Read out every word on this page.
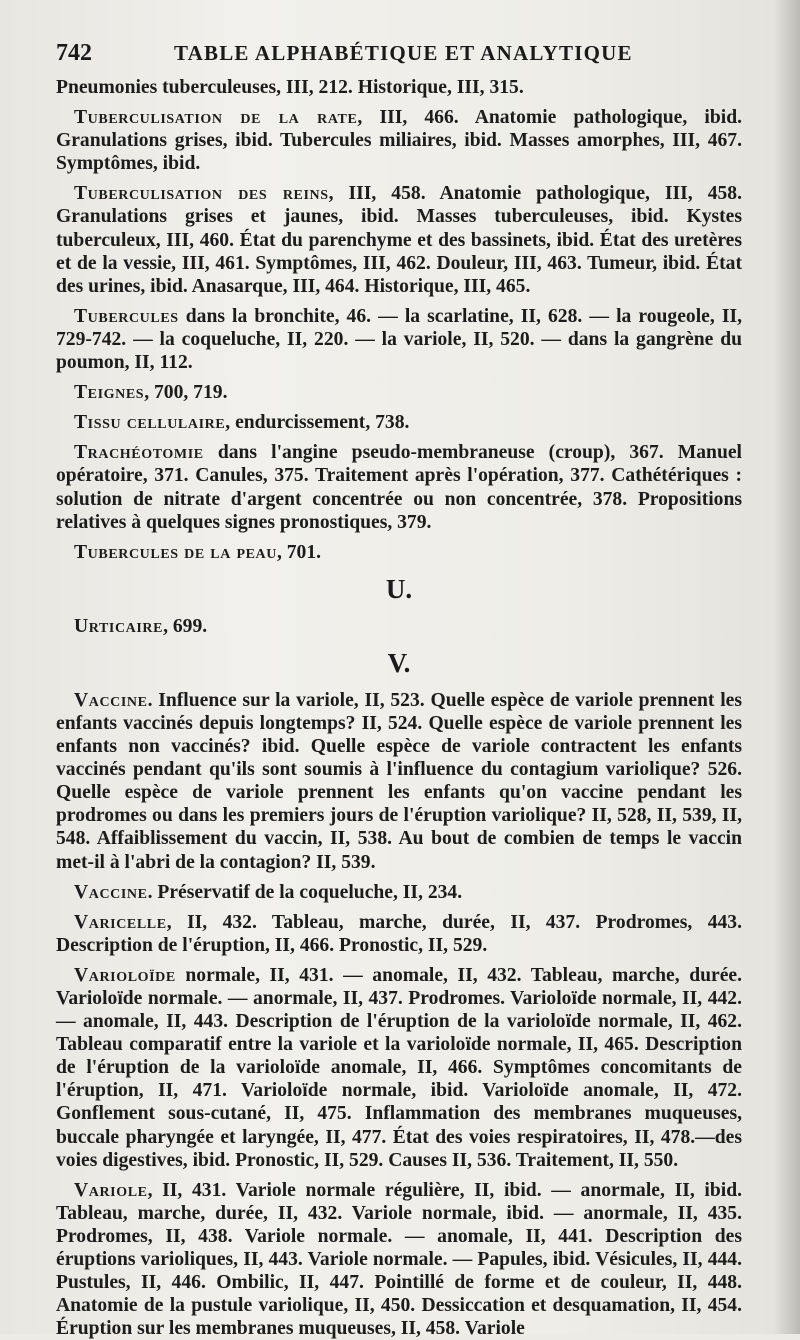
742	TABLE ALPHABÉTIQUE ET ANALYTIQUE

Pneumonies tuberculeuses, III, 212. Historique, III, 315.

Tuberculisation de la rate, III, 466. Anatomie pathologique, ibid. Granulations grises, ibid. Tubercules miliaires, ibid. Masses amorphes, III, 467. Symptômes, ibid.

Tuberculisation des reins, III, 458. Anatomie pathologique, III, 458. Granulations grises et jaunes, ibid. Masses tuberculeuses, ibid. Kystes tuberculeux, III, 460. État du parenchyme et des bassinets, ibid. État des uretères et de la vessie, III, 461. Symptômes, III, 462. Douleur, III, 463. Tumeur, ibid. État des urines, ibid. Anasarque, III, 464. Historique, III, 465.

Tubercules dans la bronchite, 46. — la scarlatine, II, 628. — la rougeole, II, 729-742. — la coqueluche, II, 220. — la variole, II, 520. — dans la gangrène du poumon, II, 112.

Teignes, 700, 719.

Tissu cellulaire, endurcissement, 738.

Trachéotomie dans l'angine pseudo-membraneuse (croup), 367. Manuel opératoire, 371. Canules, 375. Traitement après l'opération, 377. Cathétériques : solution de nitrate d'argent concentrée ou non concentrée, 378. Propositions relatives à quelques signes pronostiques, 379.

Tubercules de la peau, 701.

U.

Urticaire, 699.

V.

Vaccine. Influence sur la variole, II, 523. Quelle espèce de variole prennent les enfants vaccinés depuis longtemps? II, 524. Quelle espèce de variole prennent les enfants non vaccinés? ibid. Quelle espèce de variole contractent les enfants vaccinés pendant qu'ils sont soumis à l'influence du contagium variolique? 526. Quelle espèce de variole prennent les enfants qu'on vaccine pendant les prodromes ou dans les premiers jours de l'éruption variolique? II, 528, II, 539, II, 548. Affaiblissement du vaccin, II, 538. Au bout de combien de temps le vaccin met-il à l'abri de la contagion? II, 539.

Vaccine. Préservatif de la coqueluche, II, 234.

Varicelle, II, 432. Tableau, marche, durée, II, 437. Prodromes, 443. Description de l'éruption, II, 466. Pronostic, II, 529.

Varioloïde normale, II, 431. — anomale, II, 432. Tableau, marche, durée. Varioloïde normale. — anormale, II, 437. Prodromes. Varioloïde normale, II, 442. — anomale, II, 443. Description de l'éruption de la varioloïde normale, II, 462. Tableau comparatif entre la variole et la varioloïde normale, II, 465. Description de l'éruption de la varioloïde anomale, II, 466. Symptômes concomitants de l'éruption, II, 471. Varioloïde normale, ibid. Varioloïde anomale, II, 472. Gonflement sous-cutané, II, 475. Inflammation des membranes muqueuses, buccale pharyngée et laryngée, II, 477. État des voies respiratoires, II, 478.—des voies digestives, ibid. Pronostic, II, 529. Causes II, 536. Traitement, II, 550.

Variole, II, 431. Variole normale régulière, II, ibid. — anormale, II, ibid. Tableau, marche, durée, II, 432. Variole normale, ibid. — anormale, II, 435. Prodromes, II, 438. Variole normale. — anomale, II, 441. Description des éruptions varioliques, II, 443. Variole normale. — Papules, ibid. Vésicules, II, 444. Pustules, II, 446. Ombilic, II, 447. Pointillé de forme et de couleur, II, 448. Anatomie de la pustule variolique, II, 450. Dessiccation et desquamation, II, 454. Éruption sur les membranes muqueuses, II, 458. Variole
